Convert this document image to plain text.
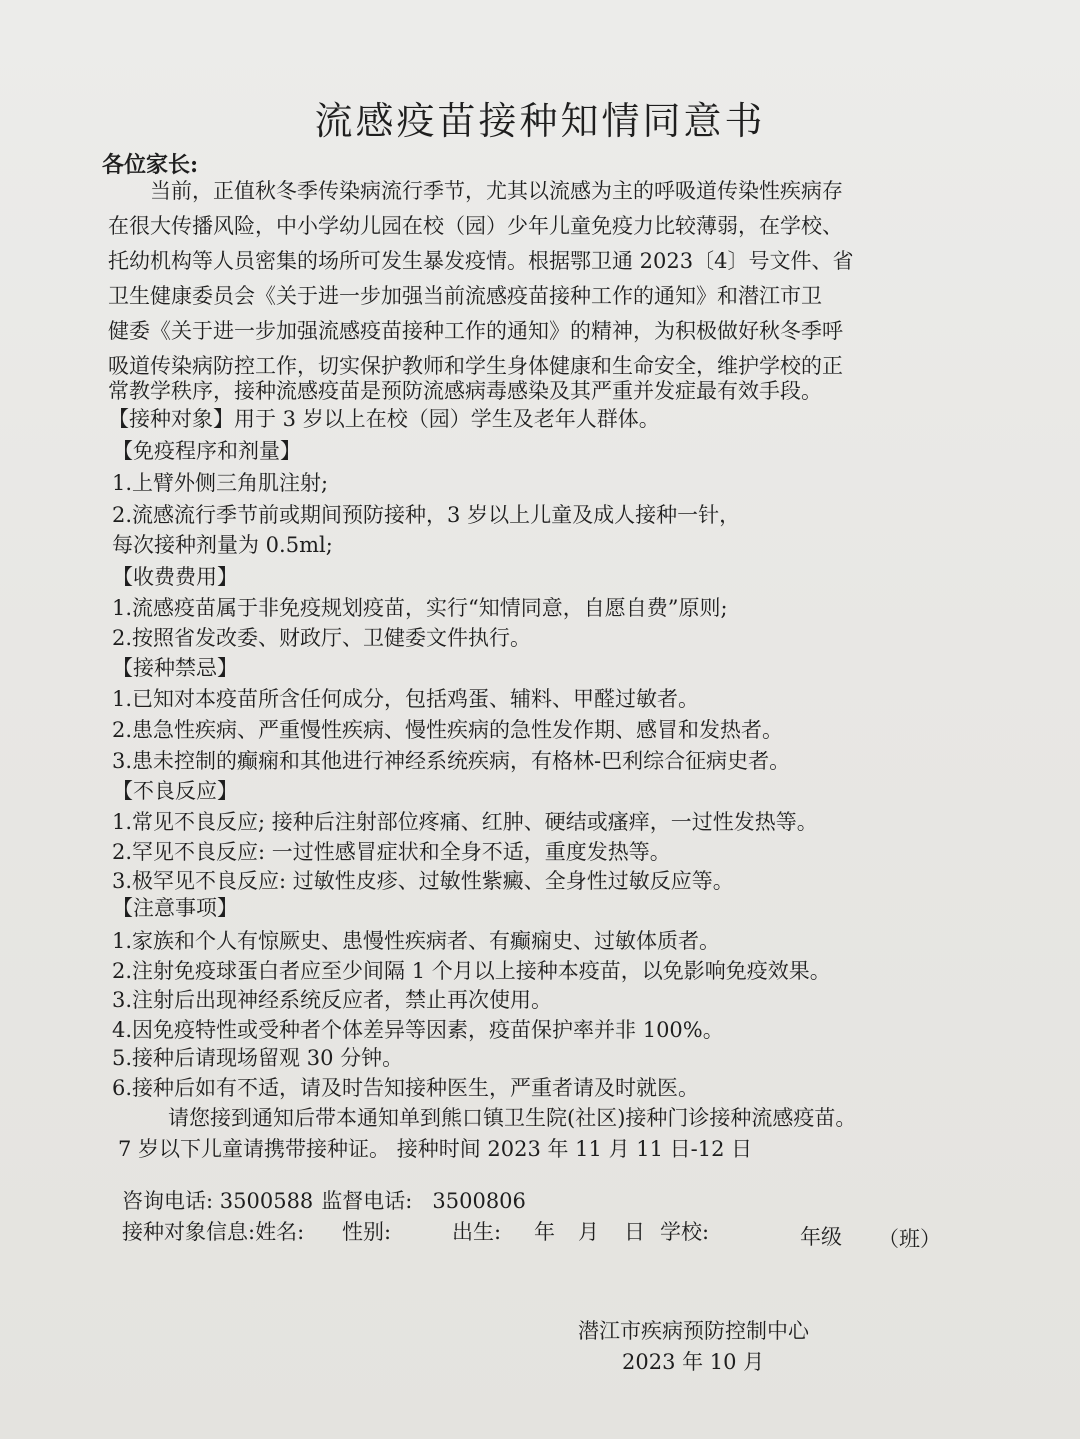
流感疫苗接种知情同意书
各位家长:
当前，正值秋冬季传染病流行季节，尤其以流感为主的呼吸道传染性疾病存
在很大传播风险，中小学幼儿园在校（园）少年儿童免疫力比较薄弱，在学校、
托幼机构等人员密集的场所可发生暴发疫情。根据鄂卫通 2023〔4〕号文件、省
卫生健康委员会《关于进一步加强当前流感疫苗接种工作的通知》和潜江市卫
健委《关于进一步加强流感疫苗接种工作的通知》的精神，为积极做好秋冬季呼
吸道传染病防控工作，切实保护教师和学生身体健康和生命安全，维护学校的正
常教学秩序，接种流感疫苗是预防流感病毒感染及其严重并发症最有效手段。
【接种对象】用于 3 岁以上在校（园）学生及老年人群体。
【免疫程序和剂量】
1.上臂外侧三角肌注射;
2.流感流行季节前或期间预防接种，3 岁以上儿童及成人接种一针，
每次接种剂量为 0.5ml;
【收费费用】
1.流感疫苗属于非免疫规划疫苗，实行“知情同意，自愿自费”原则;
2.按照省发改委、财政厅、卫健委文件执行。
【接种禁忌】
1.已知对本疫苗所含任何成分，包括鸡蛋、辅料、甲醛过敏者。
2.患急性疾病、严重慢性疾病、慢性疾病的急性发作期、感冒和发热者。
3.患未控制的癫痫和其他进行神经系统疾病，有格林-巴利综合征病史者。
【不良反应】
1.常见不良反应; 接种后注射部位疼痛、红肿、硬结或瘙痒，一过性发热等。
2.罕见不良反应: 一过性感冒症状和全身不适，重度发热等。
3.极罕见不良反应: 过敏性皮疹、过敏性紫癜、全身性过敏反应等。
【注意事项】
1.家族和个人有惊厥史、患慢性疾病者、有癫痫史、过敏体质者。
2.注射免疫球蛋白者应至少间隔 1 个月以上接种本疫苗，以免影响免疫效果。
3.注射后出现神经系统反应者，禁止再次使用。
4.因免疫特性或受种者个体差异等因素，疫苗保护率并非 100%。
5.接种后请现场留观 30 分钟。
6.接种后如有不适，请及时告知接种医生，严重者请及时就医。
请您接到通知后带本通知单到熊口镇卫生院(社区)接种门诊接种流感疫苗。
7 岁以下儿童请携带接种证。 接种时间 2023 年 11 月 11 日-12 日
咨询电话: 3500588 监督电话: 3500806
接种对象信息:姓名: 性别:	出生: 年 月 日 学校:	年级 （班）
潜江市疾病预防控制中心
2023 年 10 月
